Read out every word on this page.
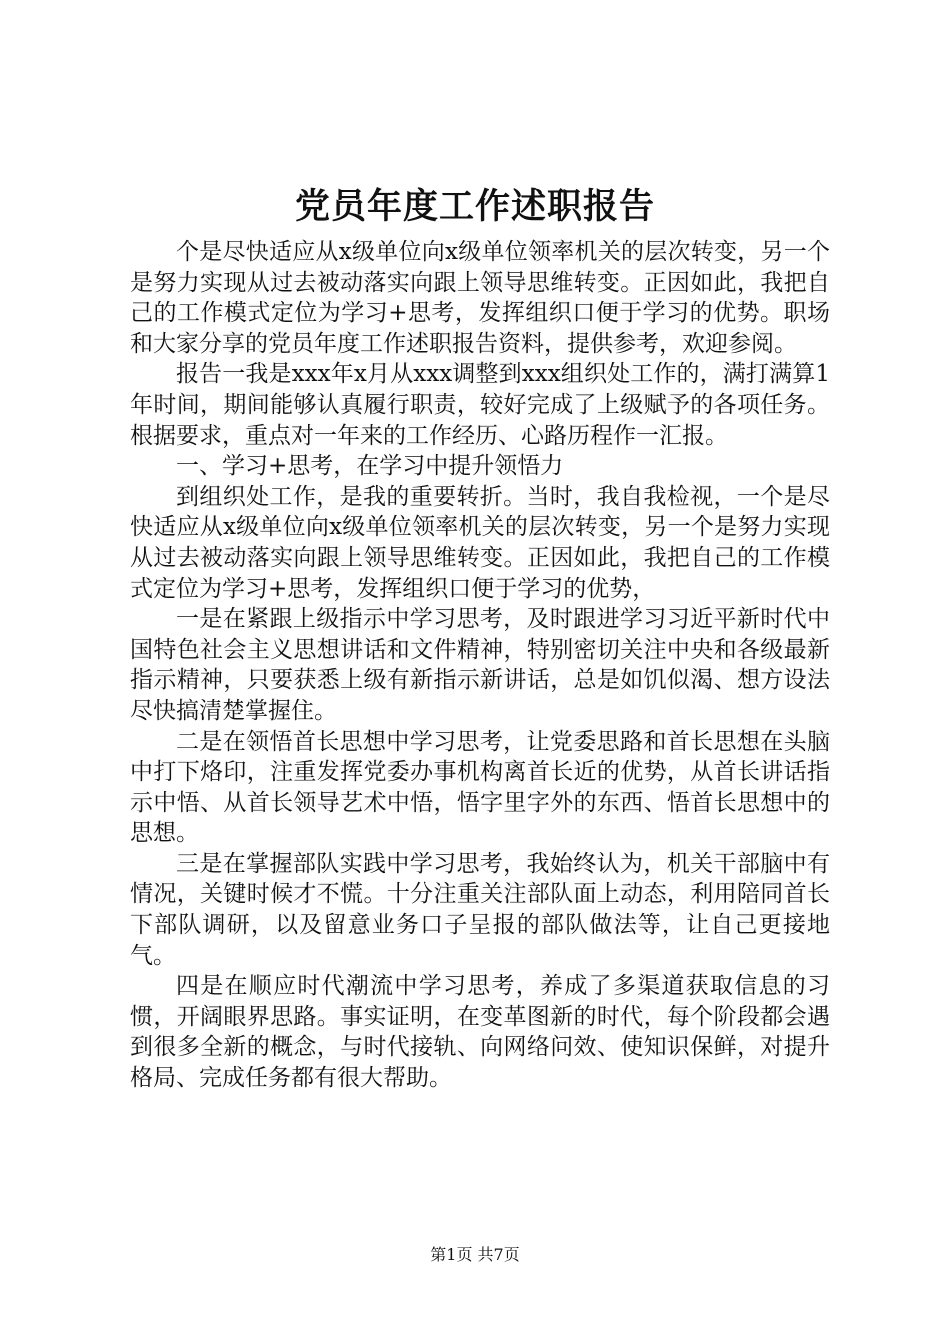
党员年度工作述职报告

个是尽快适应从x级单位向x级单位领率机关的层次转变，另一个是努力实现从过去被动落实向跟上领导思维转变。正因如此，我把自己的工作模式定位为学习+思考，发挥组织口便于学习的优势。职场和大家分享的党员年度工作述职报告资料，提供参考，欢迎参阅。

报告一我是xxx年x月从xxx调整到xxx组织处工作的，满打满算1年时间，期间能够认真履行职责，较好完成了上级赋予的各项任务。根据要求，重点对一年来的工作经历、心路历程作一汇报。

一、学习+思考，在学习中提升领悟力

到组织处工作，是我的重要转折。当时，我自我检视，一个是尽快适应从x级单位向x级单位领率机关的层次转变，另一个是努力实现从过去被动落实向跟上领导思维转变。正因如此，我把自己的工作模式定位为学习+思考，发挥组织口便于学习的优势，

一是在紧跟上级指示中学习思考，及时跟进学习习近平新时代中国特色社会主义思想讲话和文件精神，特别密切关注中央和各级最新指示精神，只要获悉上级有新指示新讲话，总是如饥似渴、想方设法尽快搞清楚掌握住。

二是在领悟首长思想中学习思考，让党委思路和首长思想在头脑中打下烙印，注重发挥党委办事机构离首长近的优势，从首长讲话指示中悟、从首长领导艺术中悟，悟字里字外的东西、悟首长思想中的思想。

三是在掌握部队实践中学习思考，我始终认为，机关干部脑中有情况，关键时候才不慌。十分注重关注部队面上动态，利用陪同首长下部队调研，以及留意业务口子呈报的部队做法等，让自己更接地气。

四是在顺应时代潮流中学习思考，养成了多渠道获取信息的习惯，开阔眼界思路。事实证明，在变革图新的时代，每个阶段都会遇到很多全新的概念，与时代接轨、向网络问效、使知识保鲜，对提升格局、完成任务都有很大帮助。

第1页 共7页
